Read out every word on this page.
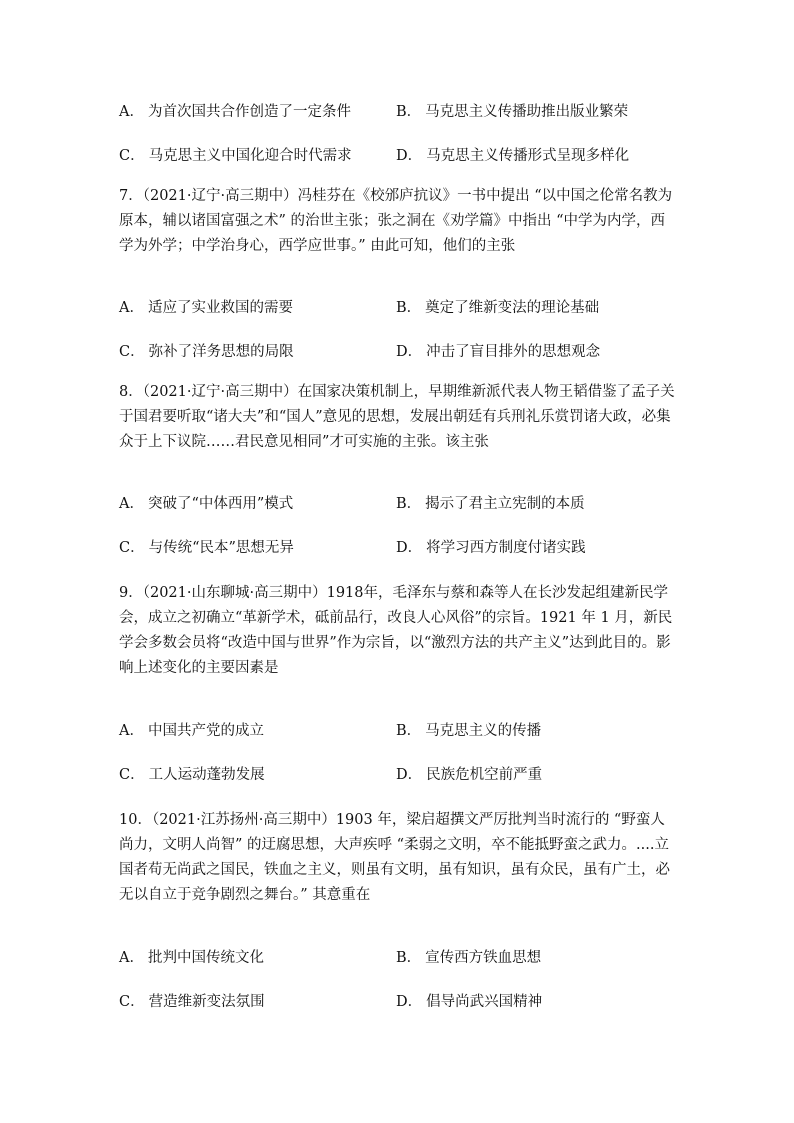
A． 为首次国共合作创造了一定条件	B． 马克思主义传播助推出版业繁荣
C． 马克思主义中国化迎合时代需求	D． 马克思主义传播形式呈现多样化

7．（2021·辽宁·高三期中）冯桂芬在《校邠庐抗议》一书中提出 “以中国之伦常名教为原本，辅以诸国富强之术” 的治世主张；张之洞在《劝学篇》中指出 “中学为内学，西学为外学；中学治身心，西学应世事。” 由此可知，他们的主张

A． 适应了实业救国的需要	B． 奠定了维新变法的理论基础
C． 弥补了洋务思想的局限	D． 冲击了盲目排外的思想观念

8．（2021·辽宁·高三期中）在国家决策机制上，早期维新派代表人物王韬借鉴了孟子关于国君要听取“诸大夫”和“国人”意见的思想，发展出朝廷有兵刑礼乐赏罚诸大政，必集众于上下议院……君民意见相同”才可实施的主张。该主张

A． 突破了“中体西用”模式	B． 揭示了君主立宪制的本质
C． 与传统“民本”思想无异	D． 将学习西方制度付诸实践

9．（2021·山东聊城·高三期中）1918年，毛泽东与蔡和森等人在长沙发起组建新民学会，成立之初确立“革新学术，砥前品行，改良人心风俗”的宗旨。1921 年 1 月，新民学会多数会员将“改造中国与世界”作为宗旨，以“激烈方法的共产主义”达到此目的。影响上述变化的主要因素是

A． 中国共产党的成立	B． 马克思主义的传播
C． 工人运动蓬勃发展	D． 民族危机空前严重

10．（2021·江苏扬州·高三期中）1903 年，梁启超撰文严厉批判当时流行的 “野蛮人尚力，文明人尚智” 的迂腐思想，大声疾呼 “柔弱之文明，卒不能抵野蛮之武力。....立国者苟无尚武之国民，铁血之主义，则虽有文明，虽有知识，虽有众民，虽有广土，必无以自立于竞争剧烈之舞台。” 其意重在

A． 批判中国传统文化	B． 宣传西方铁血思想
C． 营造维新变法氛围	D． 倡导尚武兴国精神
